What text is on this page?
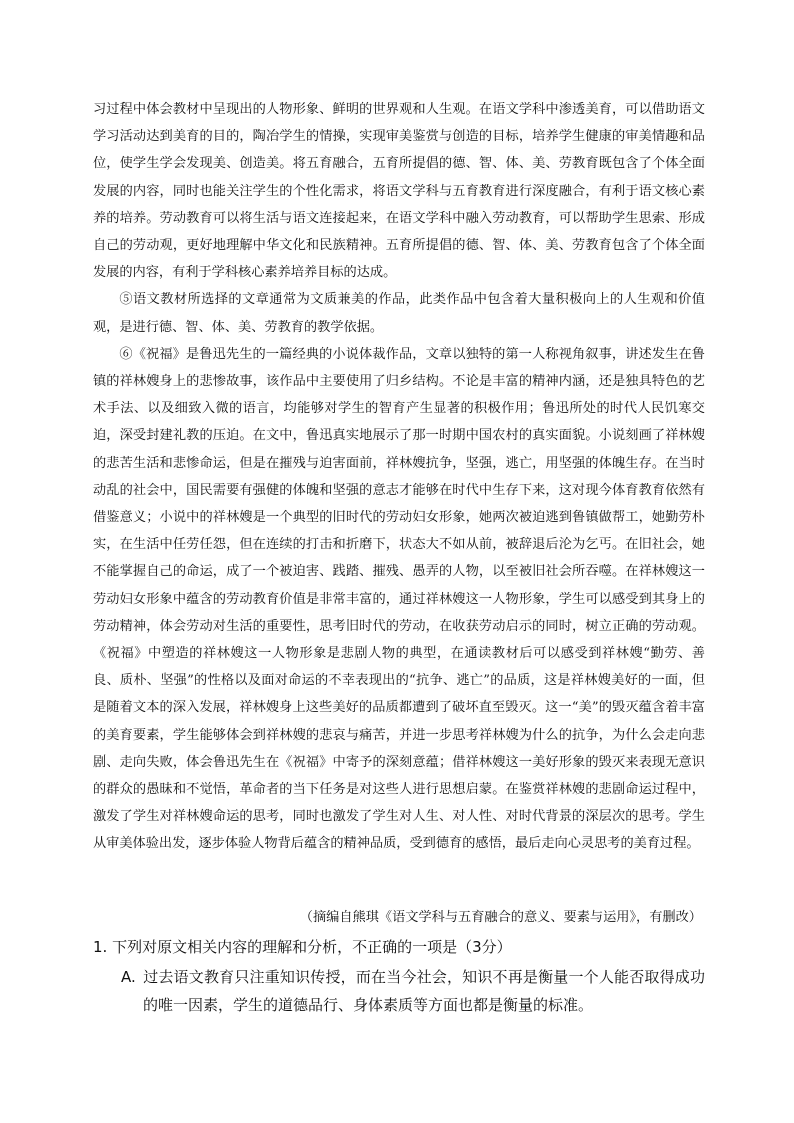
习过程中体会教材中呈现出的人物形象、鲜明的世界观和人生观。在语文学科中渗透美育，可以借助语文学习活动达到美育的目的，陶冶学生的情操，实现审美鉴赏与创造的目标，培养学生健康的审美情趣和品位，使学生学会发现美、创造美。将五育融合，五育所提倡的德、智、体、美、劳教育既包含了个体全面发展的内容，同时也能关注学生的个性化需求，将语文学科与五育教育进行深度融合，有利于语文核心素养的培养。劳动教育可以将生活与语文连接起来，在语文学科中融入劳动教育，可以帮助学生思索、形成自己的劳动观，更好地理解中华文化和民族精神。五育所提倡的德、智、体、美、劳教育包含了个体全面发展的内容，有利于学科核心素养培养目标的达成。

⑤语文教材所选择的文章通常为文质兼美的作品，此类作品中包含着大量积极向上的人生观和价值观，是进行德、智、体、美、劳教育的教学依据。

⑥《祝福》是鲁迅先生的一篇经典的小说体裁作品，文章以独特的第一人称视角叙事，讲述发生在鲁镇的祥林嫂身上的悲惨故事，该作品中主要使用了归乡结构。不论是丰富的精神内涵，还是独具特色的艺术手法、以及细致入微的语言，均能够对学生的智育产生显著的积极作用；鲁迅所处的时代人民饥寒交迫，深受封建礼教的压迫。在文中，鲁迅真实地展示了那一时期中国农村的真实面貌。小说刻画了祥林嫂的悲苦生活和悲惨命运，但是在摧残与迫害面前，祥林嫂抗争，坚强，逃亡，用坚强的体魄生存。在当时动乱的社会中，国民需要有强健的体魄和坚强的意志才能够在时代中生存下来，这对现今体育教育依然有借鉴意义；小说中的祥林嫂是一个典型的旧时代的劳动妇女形象，她两次被迫逃到鲁镇做帮工，她勤劳朴实，在生活中任劳任怨，但在连续的打击和折磨下，状态大不如从前，被辞退后沦为乞丐。在旧社会，她不能掌握自己的命运，成了一个被迫害、践踏、摧残、愚弄的人物，以至被旧社会所吞噬。在祥林嫂这一劳动妇女形象中蕴含的劳动教育价值是非常丰富的，通过祥林嫂这一人物形象，学生可以感受到其身上的劳动精神，体会劳动对生活的重要性，思考旧时代的劳动，在收获劳动启示的同时，树立正确的劳动观。《祝福》中塑造的祥林嫂这一人物形象是悲剧人物的典型，在通读教材后可以感受到祥林嫂“勤劳、善良、质朴、坚强”的性格以及面对命运的不幸表现出的“抗争、逃亡”的品质，这是祥林嫂美好的一面，但是随着文本的深入发展，祥林嫂身上这些美好的品质都遭到了破坏直至毁灭。这一“美”的毁灭蕴含着丰富的美育要素，学生能够体会到祥林嫂的悲哀与痛苦，并进一步思考祥林嫂为什么的抗争，为什么会走向悲剧、走向失败，体会鲁迅先生在《祝福》中寄予的深刻意蕴；借祥林嫂这一美好形象的毁灭来表现无意识的群众的愚昧和不觉悟，革命者的当下任务是对这些人进行思想启蒙。在鉴赏祥林嫂的悲剧命运过程中，激发了学生对祥林嫂命运的思考，同时也激发了学生对人生、对人性、对时代背景的深层次的思考。学生从审美体验出发，逐步体验人物背后蕴含的精神品质，受到德育的感悟，最后走向心灵思考的美育过程。

（摘编自熊琪《语文学科与五育融合的意义、要素与运用》，有删改）

1. 下列对原文相关内容的理解和分析，不正确的一项是（3分）

A. 过去语文教育只注重知识传授，而在当今社会，知识不再是衡量一个人能否取得成功的唯一因素，学生的道德品行、身体素质等方面也都是衡量的标准。
